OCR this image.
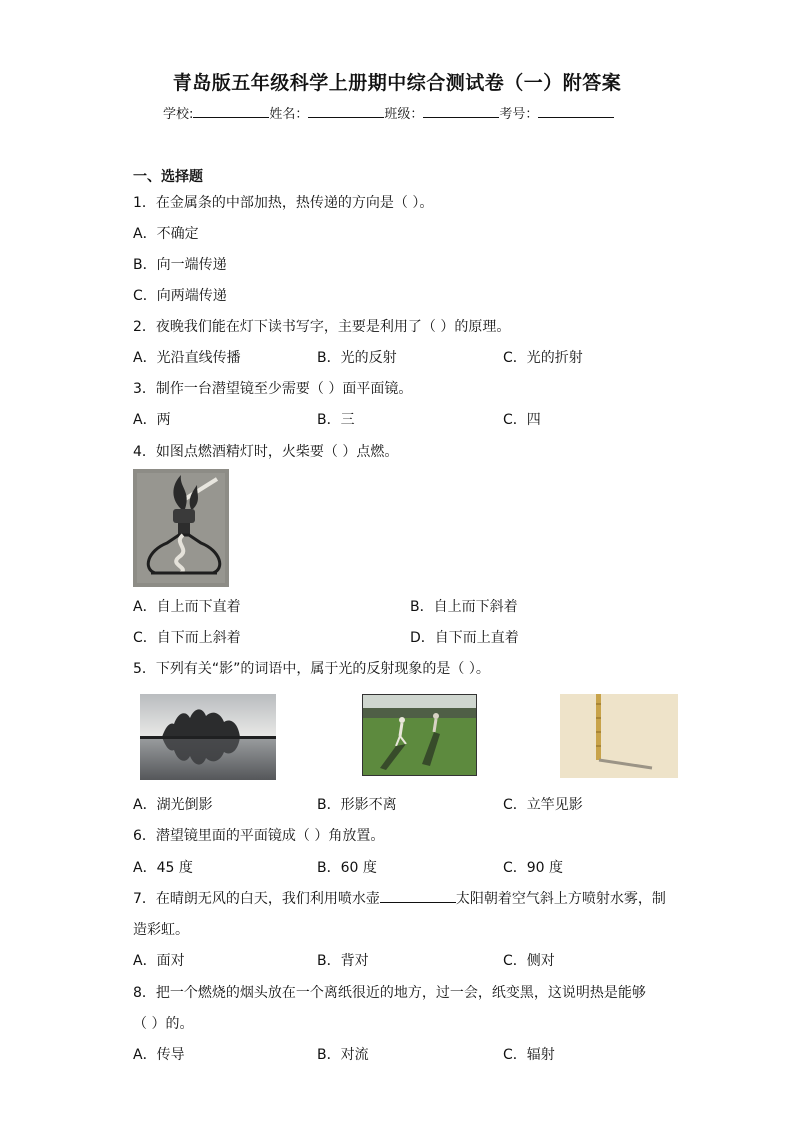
青岛版五年级科学上册期中综合测试卷（一）附答案
学校:	姓名：	班级：	考号：
一、选择题
1．在金属条的中部加热，热传递的方向是（ ）。
A．不确定
B．向一端传递
C．向两端传递
2．夜晚我们能在灯下读书写字，主要是利用了（ ）的原理。
A．光沿直线传播	B．光的反射	C．光的折射
3．制作一台潜望镜至少需要（ ）面平面镜。
A．两	B．三	C．四
4．如图点燃酒精灯时，火柴要（ ）点燃。
A．自上而下直着	B．自上而下斜着
C．自下而上斜着	D．自下而上直着
5．下列有关“影”的词语中，属于光的反射现象的是（ ）。
A．湖光倒影	B．形影不离	C．立竿见影
6．潜望镜里面的平面镜成（ ）角放置。
A．45 度	B．60 度	C．90 度
7．在晴朗无风的白天，我们利用喷水壶	太阳朝着空气斜上方喷射水雾，制
造彩虹。
A．面对	B．背对	C．侧对
8．把一个燃烧的烟头放在一个离纸很近的地方，过一会，纸变黑，这说明热是能够
（ ）的。
A．传导	B．对流	C．辐射
